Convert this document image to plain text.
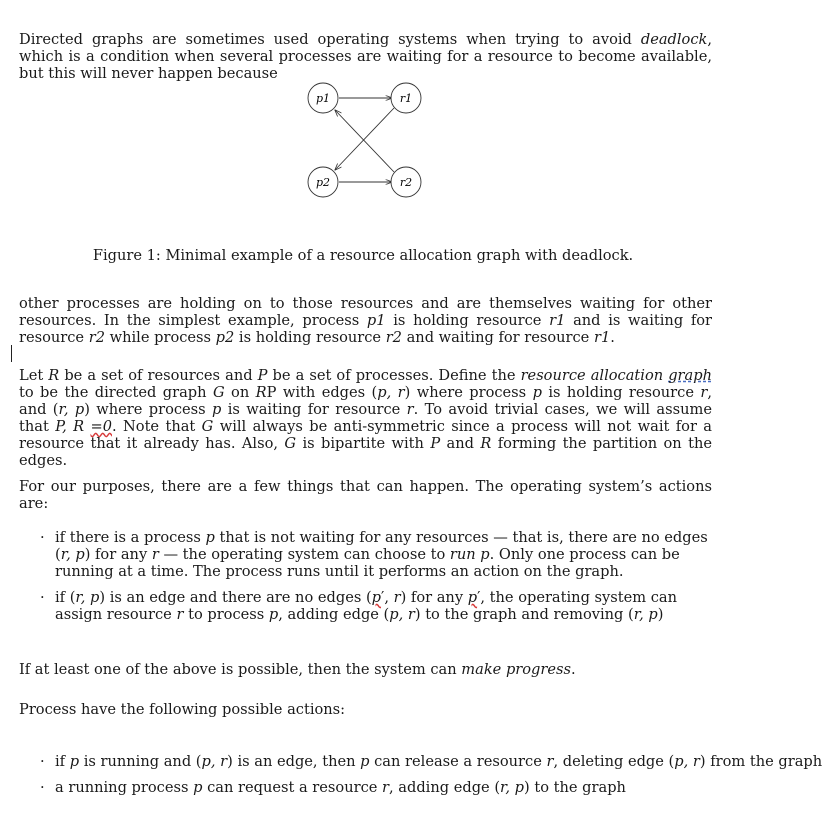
Directed graphs are sometimes used operating systems when trying to avoid deadlock, which is a condition when several processes are waiting for a resource to become available, but this will never happen because

p1	r1
p2	r2

Figure 1: Minimal example of a resource allocation graph with deadlock.

other processes are holding on to those resources and are themselves waiting for other resources. In the simplest example, process p1 is holding resource r1 and is waiting for resource r2 while process p2 is holding resource r2 and waiting for resource r1.

Let R be a set of resources and P be a set of processes. Define the resource allocation graph to be the directed graph G on RP with edges (p, r) where process p is holding resource r, and (r, p) where process p is waiting for resource r. To avoid trivial cases, we will assume that P, R =0. Note that G will always be anti-symmetric since a process will not wait for a resource that it already has. Also, G is bipartite with P and R forming the partition on the edges.

For our purposes, there are a few things that can happen. The operating system’s actions are:

· if there is a process p that is not waiting for any resources — that is, there are no edges (r, p) for any r — the operating system can choose to run p. Only one process can be running at a time. The process runs until it performs an action on the graph.
· if (r, p) is an edge and there are no edges (p′, r) for any p′, the operating system can assign resource r to process p, adding edge (p, r) to the graph and removing (r, p)

If at least one of the above is possible, then the system can make progress.

Process have the following possible actions:

· if p is running and (p, r) is an edge, then p can release a resource r, deleting edge (p, r) from the graph
· a running process p can request a resource r, adding edge (r, p) to the graph
